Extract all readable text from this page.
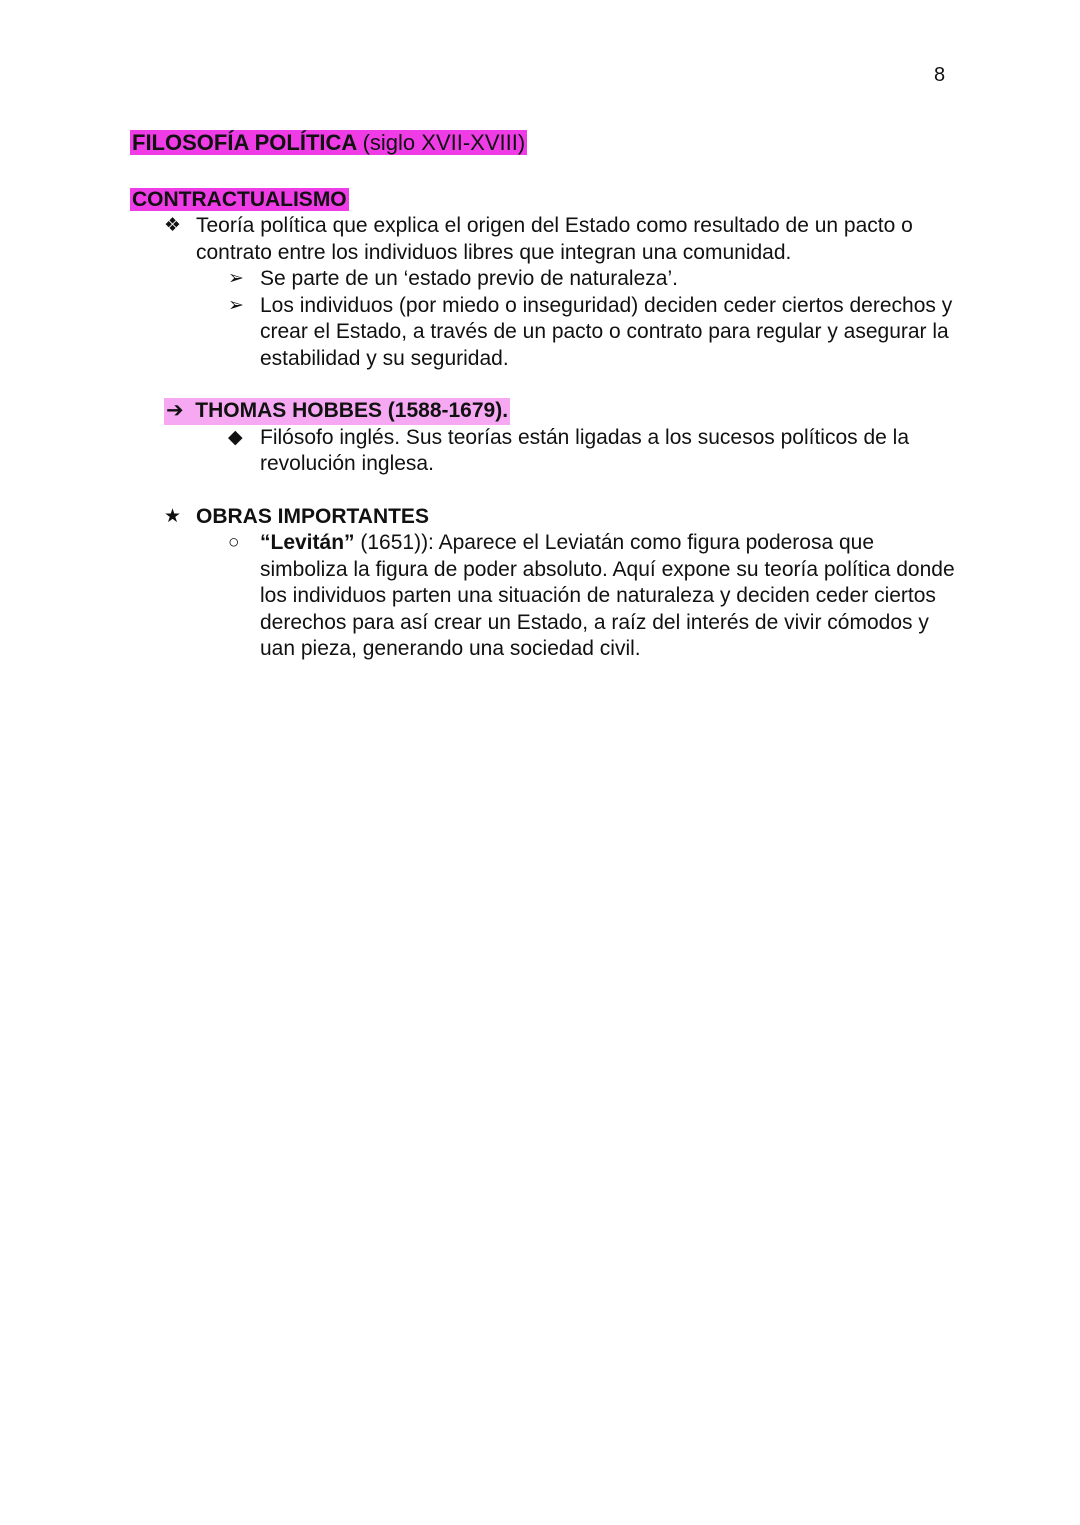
8
FILOSOFÍA POLÍTICA (siglo XVII-XVIII)
CONTRACTUALISMO
❖ Teoría política que explica el origen del Estado como resultado de un pacto o contrato entre los individuos libres que integran una comunidad.
➢ Se parte de un ‘estado previo de naturaleza’.
➢ Los individuos (por miedo o inseguridad) deciden ceder ciertos derechos y crear el Estado, a través de un pacto o contrato para regular y asegurar la estabilidad y su seguridad.
➔ THOMAS HOBBES (1588-1679).
◆ Filósofo inglés. Sus teorías están ligadas a los sucesos políticos de la revolución inglesa.
★ OBRAS IMPORTANTES
○ “Levitán” (1651)): Aparece el Leviatán como figura poderosa que simboliza la figura de poder absoluto. Aquí expone su teoría política donde los individuos parten una situación de naturaleza y deciden ceder ciertos derechos para así crear un Estado, a raíz del interés de vivir cómodos y uan pieza, generando una sociedad civil.
